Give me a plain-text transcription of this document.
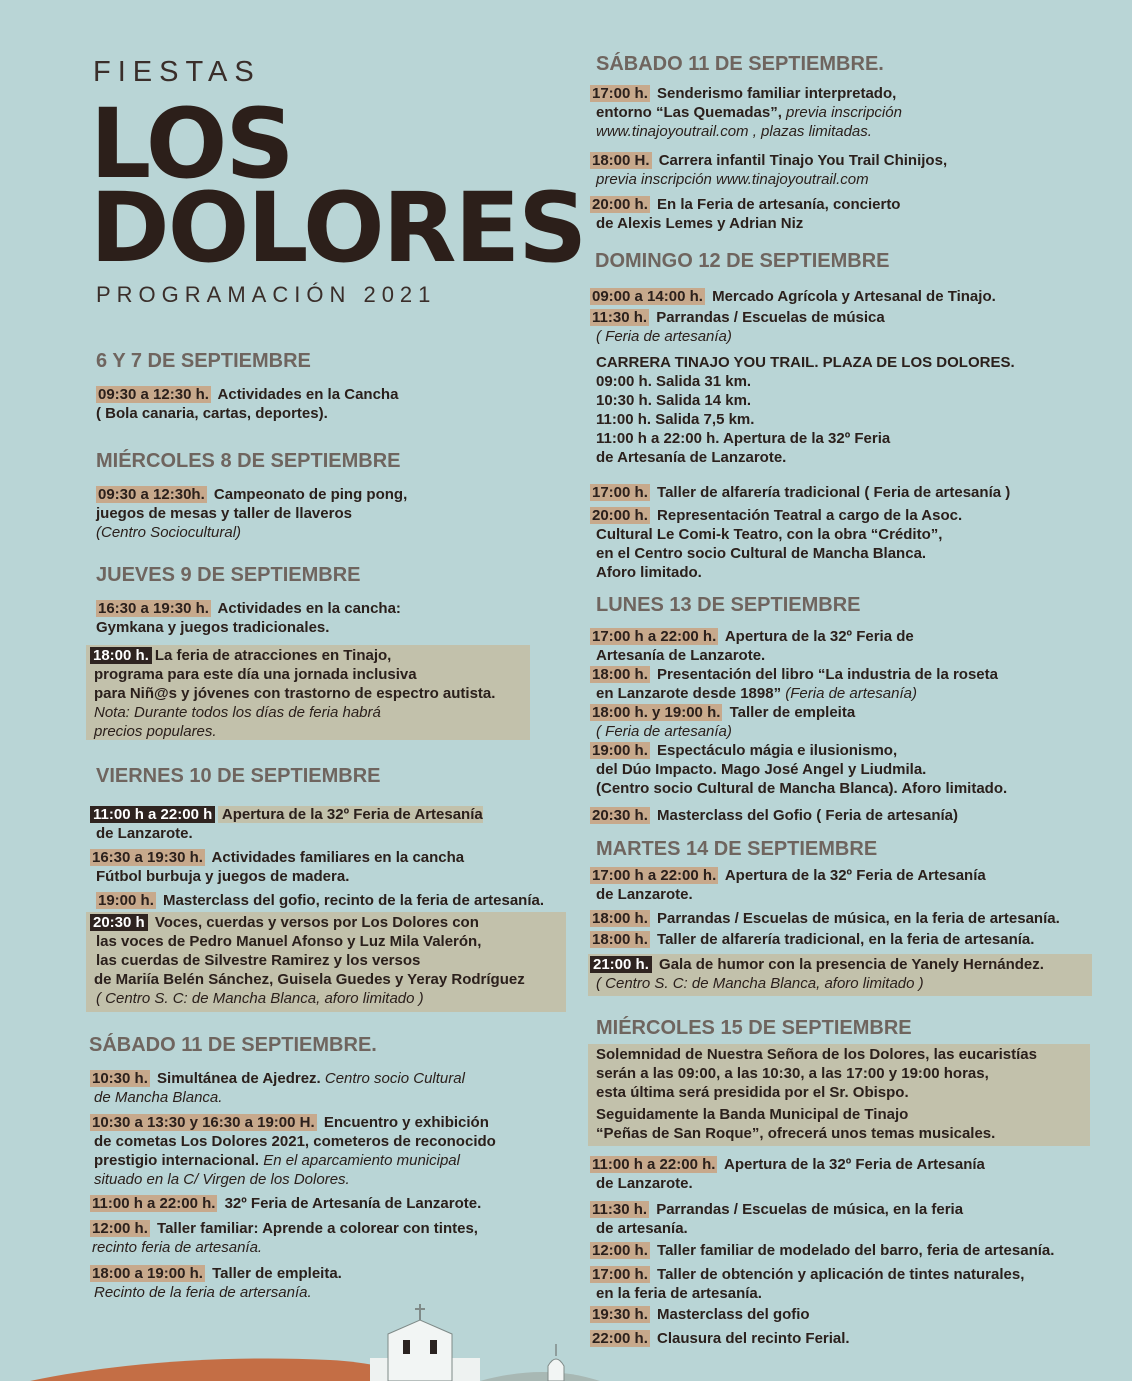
FIESTAS
LOS
DOLORES
PROGRAMACIÓN 2021
6 Y 7 DE SEPTIEMBRE
09:30 a 12:30 h. Actividades en la Cancha
( Bola canaria, cartas, deportes).
MIÉRCOLES 8 DE SEPTIEMBRE
09:30 a 12:30h. Campeonato de ping pong,
juegos de mesas y taller de llaveros
(Centro Sociocultural)
JUEVES 9 DE SEPTIEMBRE
16:30 a 19:30 h. Actividades en la cancha:
Gymkana y juegos tradicionales.
18:00 h. La feria de atracciones en Tinajo,
programa para este día una jornada inclusiva
para Niñ@s y jóvenes con trastorno de espectro autista.
Nota: Durante todos los días de feria habrá
precios populares.
VIERNES 10 DE SEPTIEMBRE
11:00 h a 22:00 h Apertura de la 32º Feria de Artesanía
de Lanzarote.
16:30 a 19:30 h. Actividades familiares en la cancha
Fútbol burbuja y juegos de madera.
19:00 h. Masterclass del gofio, recinto de la feria de artesanía.
20:30 h Voces, cuerdas y versos por Los Dolores con
las voces de Pedro Manuel Afonso y Luz Mila Valerón,
las cuerdas de Silvestre Ramirez y los versos
de Mariía Belén Sánchez, Guisela Guedes y Yeray Rodríguez
( Centro S. C: de Mancha Blanca, aforo limitado )
SÁBADO 11 DE SEPTIEMBRE.
10:30 h. Simultánea de Ajedrez. Centro socio Cultural
de Mancha Blanca.
10:30 a 13:30 y 16:30 a 19:00 H. Encuentro y exhibición
de cometas Los Dolores 2021, cometeros de reconocido
prestigio internacional. En el aparcamiento municipal
situado en la C/ Virgen de los Dolores.
11:00 h a 22:00 h. 32º Feria de Artesanía de Lanzarote.
12:00 h. Taller familiar: Aprende a colorear con tintes,
recinto feria de artesanía.
18:00 a 19:00 h. Taller de empleita.
Recinto de la feria de artersanía.
SÁBADO 11 DE SEPTIEMBRE.
17:00 h. Senderismo familiar interpretado,
entorno “Las Quemadas”, previa inscripción
www.tinajoyoutrail.com , plazas limitadas.
18:00 H. Carrera infantil Tinajo You Trail Chinijos,
previa inscripción www.tinajoyoutrail.com
20:00 h. En la Feria de artesanía, concierto
de Alexis Lemes y Adrian Niz
DOMINGO 12 DE SEPTIEMBRE
09:00 a 14:00 h. Mercado Agrícola y Artesanal de Tinajo.
11:30 h. Parrandas / Escuelas de música
( Feria de artesanía)
CARRERA TINAJO YOU TRAIL. PLAZA DE LOS DOLORES.
09:00 h. Salida 31 km.
10:30 h. Salida 14 km.
11:00 h. Salida 7,5 km.
11:00 h a 22:00 h. Apertura de la 32º Feria
de Artesanía de Lanzarote.
17:00 h. Taller de alfarería tradicional ( Feria de artesanía )
20:00 h. Representación Teatral a cargo de la Asoc.
Cultural Le Comi-k Teatro, con la obra “Crédito”,
en el Centro socio Cultural de Mancha Blanca.
Aforo limitado.
LUNES 13 DE SEPTIEMBRE
17:00 h a 22:00 h. Apertura de la 32º Feria de
Artesanía de Lanzarote.
18:00 h. Presentación del libro “La industria de la roseta
en Lanzarote desde 1898” (Feria de artesanía)
18:00 h. y 19:00 h. Taller de empleita
( Feria de artesanía)
19:00 h. Espectáculo mágia e ilusionismo,
del Dúo Impacto. Mago José Angel y Liudmila.
(Centro socio Cultural de Mancha Blanca). Aforo limitado.
20:30 h. Masterclass del Gofio ( Feria de artesanía)
MARTES 14 DE SEPTIEMBRE
17:00 h a 22:00 h. Apertura de la 32º Feria de Artesanía
de Lanzarote.
18:00 h. Parrandas / Escuelas de música, en la feria de artesanía.
18:00 h. Taller de alfarería tradicional, en la feria de artesanía.
21:00 h. Gala de humor con la presencia de Yanely Hernández.
( Centro S. C: de Mancha Blanca, aforo limitado )
MIÉRCOLES 15 DE SEPTIEMBRE
Solemnidad de Nuestra Señora de los Dolores, las eucaristías
serán a las 09:00, a las 10:30, a las 17:00 y 19:00 horas,
esta última será presidida por el Sr. Obispo.
Seguidamente la Banda Municipal de Tinajo
“Peñas de San Roque”, ofrecerá unos temas musicales.
11:00 h a 22:00 h. Apertura de la 32º Feria de Artesanía
de Lanzarote.
11:30 h. Parrandas / Escuelas de música, en la feria
de artesanía.
12:00 h. Taller familiar de modelado del barro, feria de artesanía.
17:00 h. Taller de obtención y aplicación de tintes naturales,
en la feria de artesanía.
19:30 h. Masterclass del gofio
22:00 h. Clausura del recinto Ferial.
